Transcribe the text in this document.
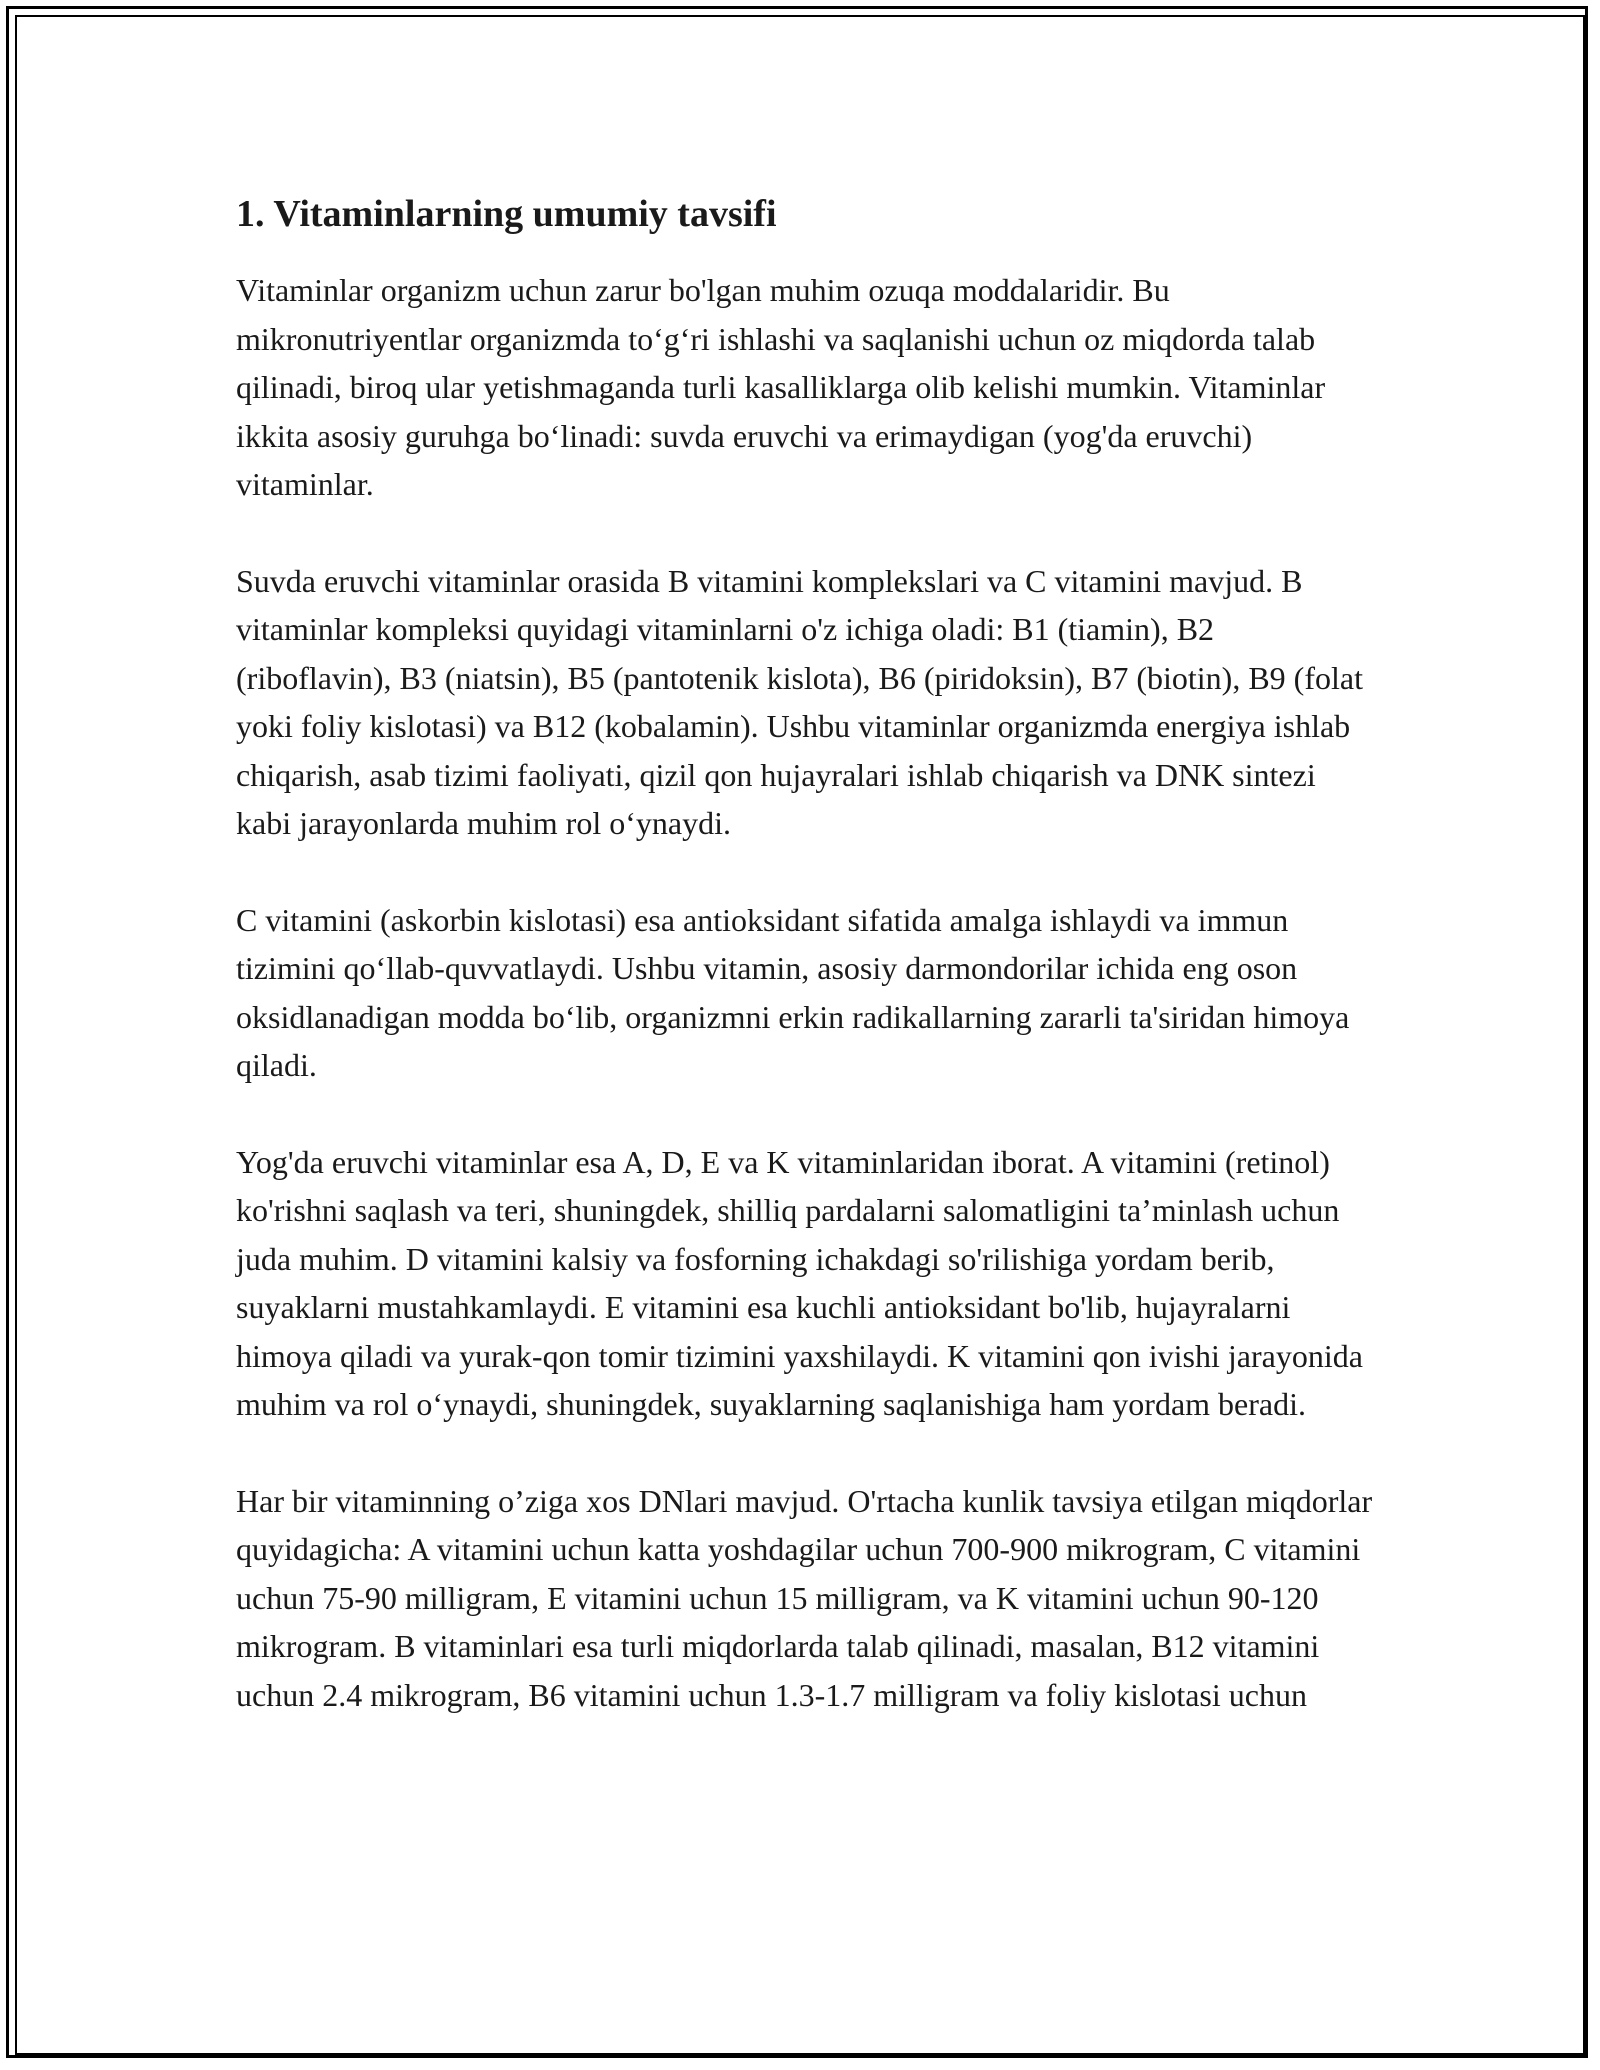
1. Vitaminlarning umumiy tavsifi

Vitaminlar organizm uchun zarur bo'lgan muhim ozuqa moddalaridir. Bu mikronutriyentlar organizmda to‘g‘ri ishlashi va saqlanishi uchun oz miqdorda talab qilinadi, biroq ular yetishmaganda turli kasalliklarga olib kelishi mumkin. Vitaminlar ikkita asosiy guruhga bo‘linadi: suvda eruvchi va erimaydigan (yog'da eruvchi) vitaminlar.

Suvda eruvchi vitaminlar orasida B vitamini komplekslari va C vitamini mavjud. B vitaminlar kompleksi quyidagi vitaminlarni o'z ichiga oladi: B1 (tiamin), B2 (riboflavin), B3 (niatsin), B5 (pantotenik kislota), B6 (piridoksin), B7 (biotin), B9 (folat yoki foliy kislotasi) va B12 (kobalamin). Ushbu vitaminlar organizmda energiya ishlab chiqarish, asab tizimi faoliyati, qizil qon hujayralari ishlab chiqarish va DNK sintezi kabi jarayonlarda muhim rol o‘ynaydi.

C vitamini (askorbin kislotasi) esa antioksidant sifatida amalga ishlaydi va immun tizimini qo‘llab-quvvatlaydi. Ushbu vitamin, asosiy darmondorilar ichida eng oson oksidlanadigan modda bo‘lib, organizmni erkin radikallarning zararli ta'siridan himoya qiladi.

Yog'da eruvchi vitaminlar esa A, D, E va K vitaminlaridan iborat. A vitamini (retinol) ko'rishni saqlash va teri, shuningdek, shilliq pardalarni salomatligini ta’minlash uchun juda muhim. D vitamini kalsiy va fosforning ichakdagi so'rilishiga yordam berib, suyaklarni mustahkamlaydi. E vitamini esa kuchli antioksidant bo'lib, hujayralarni himoya qiladi va yurak-qon tomir tizimini yaxshilaydi. K vitamini qon ivishi jarayonida muhim va rol o‘ynaydi, shuningdek, suyaklarning saqlanishiga ham yordam beradi.

Har bir vitaminning o’ziga xos DNlari mavjud. O'rtacha kunlik tavsiya etilgan miqdorlar quyidagicha: A vitamini uchun katta yoshdagilar uchun 700-900 mikrogram, C vitamini uchun 75-90 milligram, E vitamini uchun 15 milligram, va K vitamini uchun 90-120 mikrogram. B vitaminlari esa turli miqdorlarda talab qilinadi, masalan, B12 vitamini uchun 2.4 mikrogram, B6 vitamini uchun 1.3-1.7 milligram va foliy kislotasi uchun
